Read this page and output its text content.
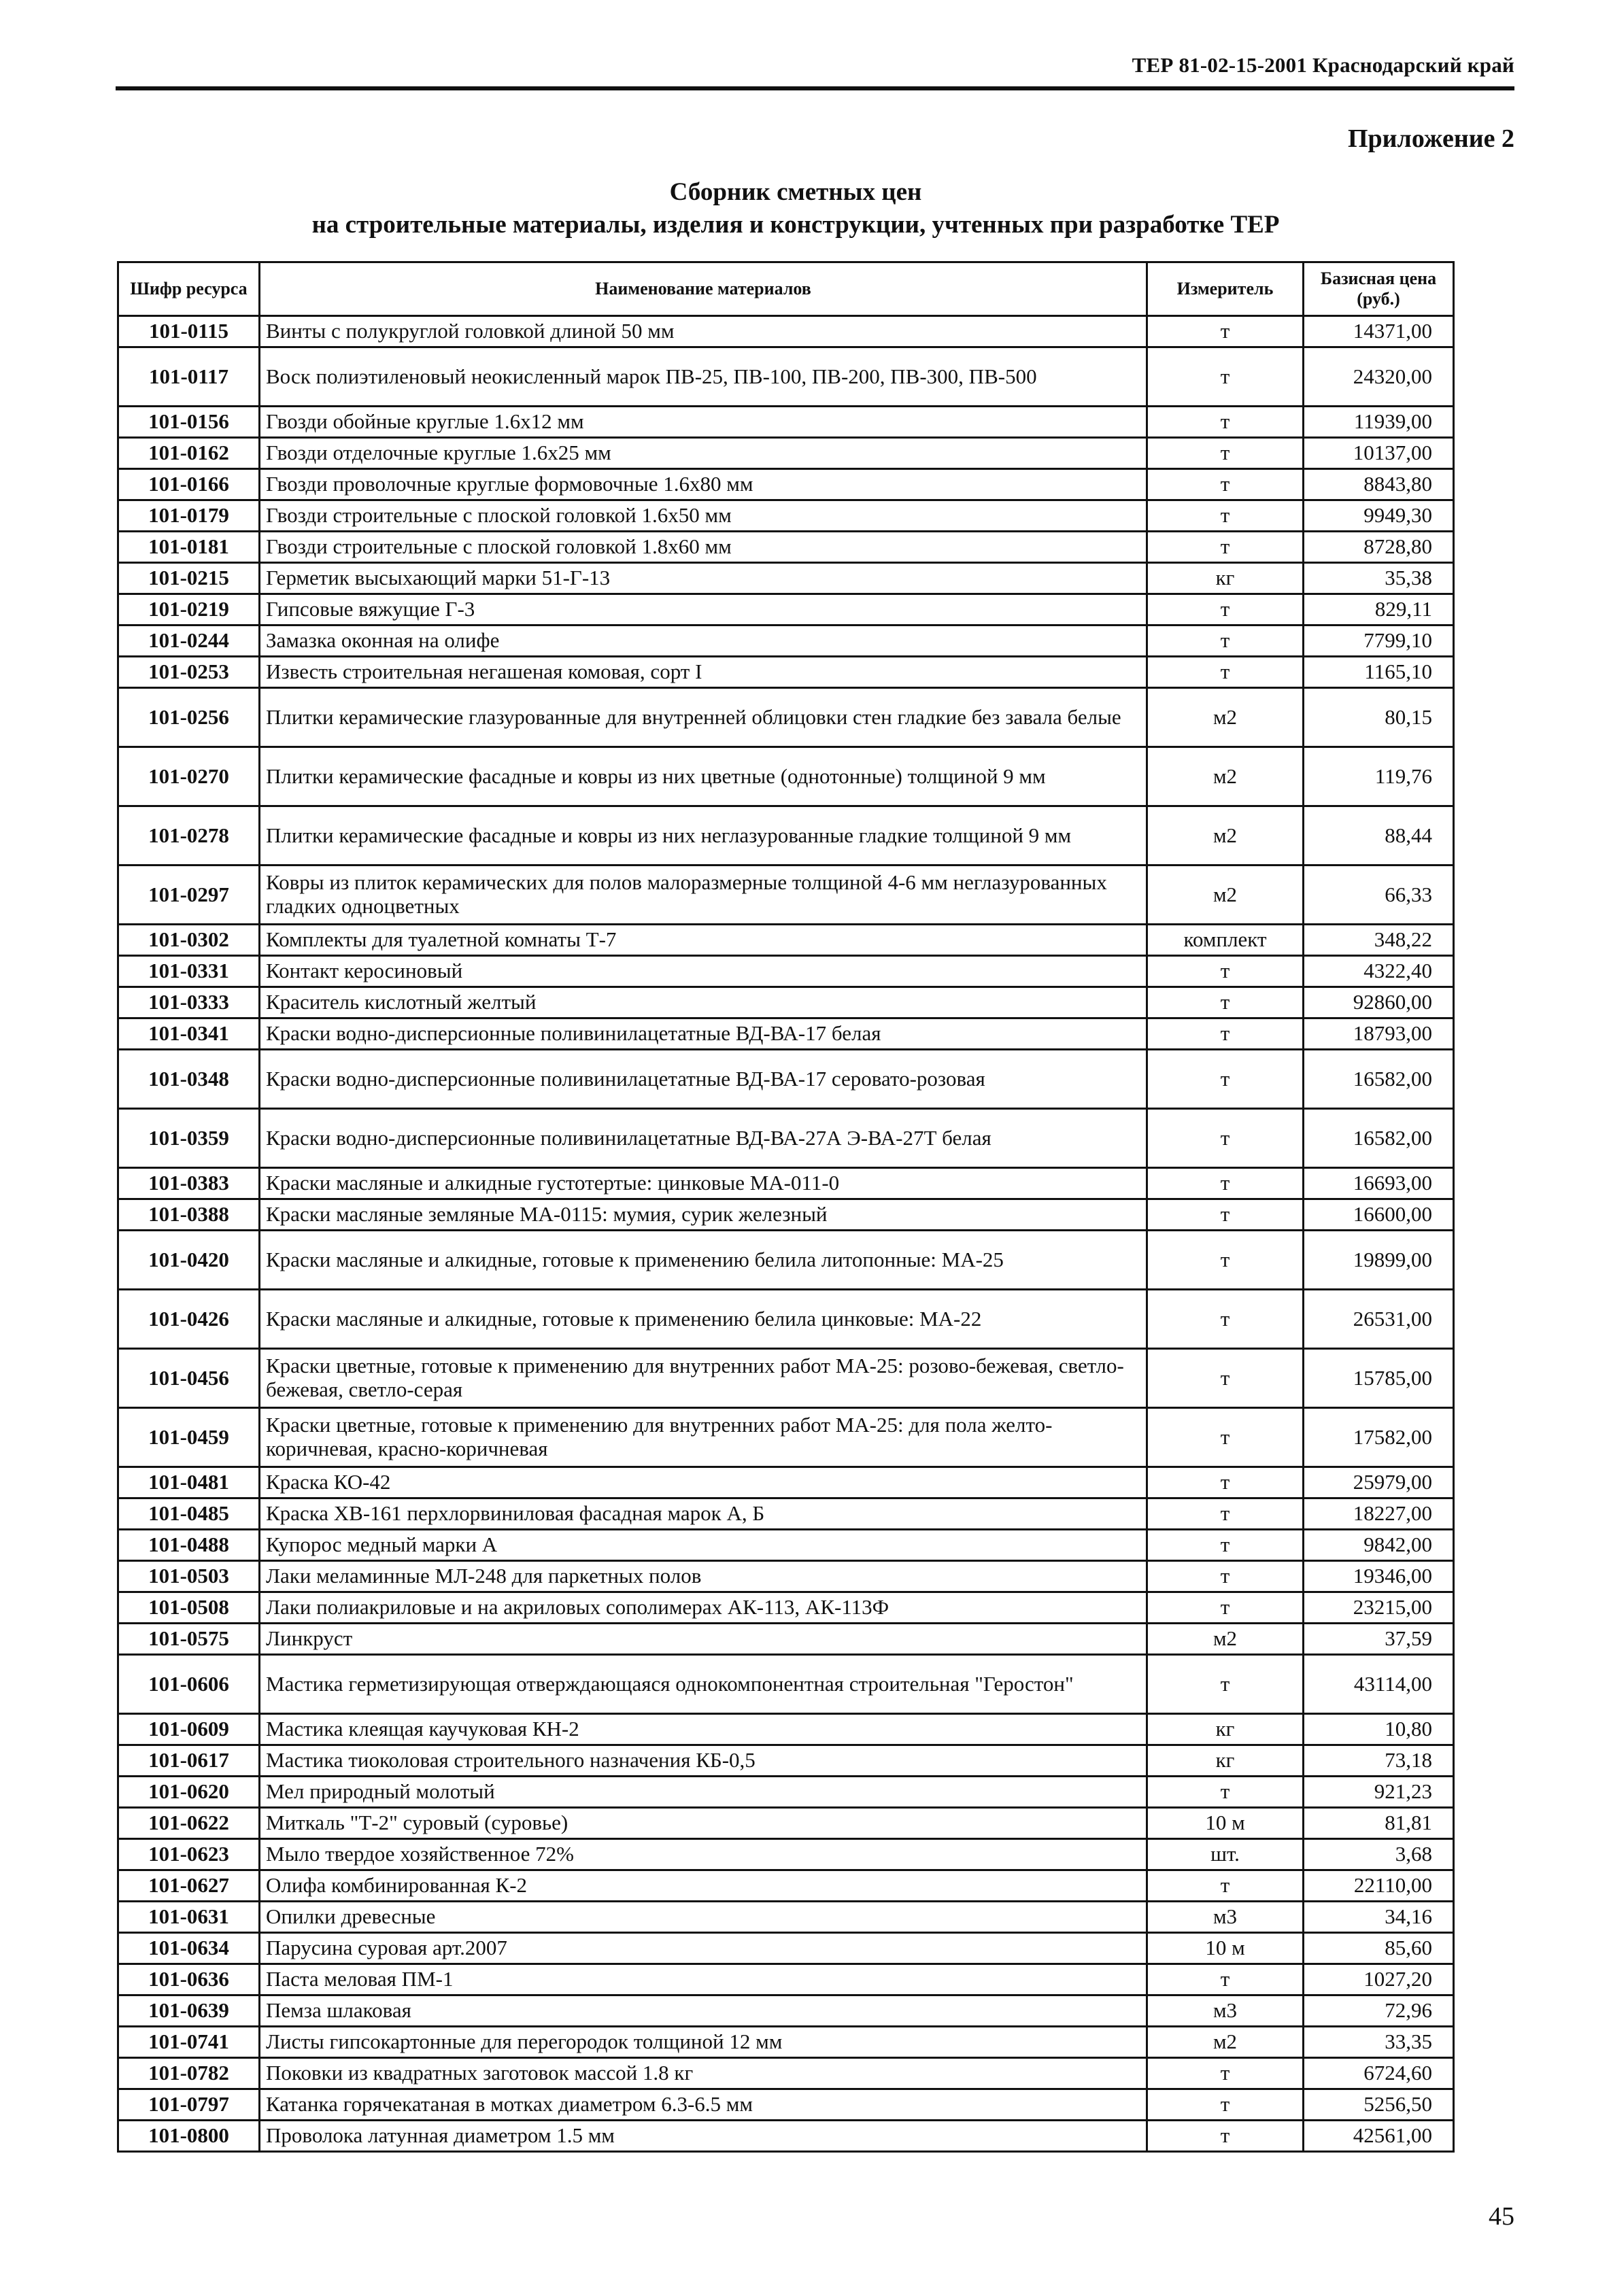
ТЕР 81-02-15-2001 Краснодарский край
Приложение 2
Сборник сметных цен
на строительные материалы, изделия и конструкции, учтенных при разработке ТЕР
Шифр ресурса	Наименование материалов	Измеритель	Базисная цена (руб.)
101-0115	Винты с полукруглой головкой длиной 50 мм	т	14371,00
101-0117	Воск полиэтиленовый неокисленный марок ПВ-25, ПВ-100, ПВ-200, ПВ-300, ПВ-500	т	24320,00
101-0156	Гвозди обойные круглые 1.6х12 мм	т	11939,00
101-0162	Гвозди отделочные круглые 1.6х25 мм	т	10137,00
101-0166	Гвозди проволочные круглые формовочные 1.6х80 мм	т	8843,80
101-0179	Гвозди строительные с плоской головкой 1.6х50 мм	т	9949,30
101-0181	Гвозди строительные с плоской головкой 1.8х60 мм	т	8728,80
101-0215	Герметик высыхающий марки 51-Г-13	кг	35,38
101-0219	Гипсовые вяжущие Г-3	т	829,11
101-0244	Замазка оконная на олифе	т	7799,10
101-0253	Известь строительная негашеная комовая, сорт I	т	1165,10
101-0256	Плитки керамические глазурованные для внутренней облицовки стен гладкие без завала белые	м2	80,15
101-0270	Плитки керамические фасадные и ковры из них цветные (однотонные) толщиной 9 мм	м2	119,76
101-0278	Плитки керамические фасадные и ковры из них неглазурованные гладкие толщиной 9 мм	м2	88,44
101-0297	Ковры из плиток керамических для полов малоразмерные толщиной 4-6 мм неглазурованных гладких одноцветных	м2	66,33
101-0302	Комплекты для туалетной комнаты Т-7	комплект	348,22
101-0331	Контакт керосиновый	т	4322,40
101-0333	Краситель кислотный желтый	т	92860,00
101-0341	Краски водно-дисперсионные поливинилацетатные ВД-ВА-17 белая	т	18793,00
101-0348	Краски водно-дисперсионные поливинилацетатные ВД-ВА-17 серовато-розовая	т	16582,00
101-0359	Краски водно-дисперсионные поливинилацетатные ВД-ВА-27А Э-ВА-27Т белая	т	16582,00
101-0383	Краски масляные и алкидные густотертые: цинковые МА-011-0	т	16693,00
101-0388	Краски масляные земляные МА-0115: мумия, сурик железный	т	16600,00
101-0420	Краски масляные и алкидные, готовые к применению белила литопонные: МА-25	т	19899,00
101-0426	Краски масляные и алкидные, готовые к применению белила цинковые: МА-22	т	26531,00
101-0456	Краски цветные, готовые к применению для внутренних работ МА-25: розово-бежевая, светло-бежевая, светло-серая	т	15785,00
101-0459	Краски цветные, готовые к применению для внутренних работ МА-25: для пола желто-коричневая, красно-коричневая	т	17582,00
101-0481	Краска КО-42	т	25979,00
101-0485	Краска ХВ-161 перхлорвиниловая фасадная марок А, Б	т	18227,00
101-0488	Купорос медный марки А	т	9842,00
101-0503	Лаки меламинные МЛ-248 для паркетных полов	т	19346,00
101-0508	Лаки полиакриловые и на акриловых сополимерах АК-113, АК-113Ф	т	23215,00
101-0575	Линкруст	м2	37,59
101-0606	Мастика герметизирующая отверждающаяся однокомпонентная строительная "Геростон"	т	43114,00
101-0609	Мастика клеящая каучуковая КН-2	кг	10,80
101-0617	Мастика тиоколовая строительного назначения КБ-0,5	кг	73,18
101-0620	Мел природный молотый	т	921,23
101-0622	Миткаль "Т-2" суровый (суровье)	10 м	81,81
101-0623	Мыло твердое хозяйственное 72%	шт.	3,68
101-0627	Олифа комбинированная К-2	т	22110,00
101-0631	Опилки древесные	м3	34,16
101-0634	Парусина суровая арт.2007	10 м	85,60
101-0636	Паста меловая ПМ-1	т	1027,20
101-0639	Пемза шлаковая	м3	72,96
101-0741	Листы гипсокартонные для перегородок толщиной 12 мм	м2	33,35
101-0782	Поковки из квадратных заготовок массой 1.8 кг	т	6724,60
101-0797	Катанка горячекатаная в мотках диаметром 6.3-6.5 мм	т	5256,50
101-0800	Проволока латунная диаметром 1.5 мм	т	42561,00
45
